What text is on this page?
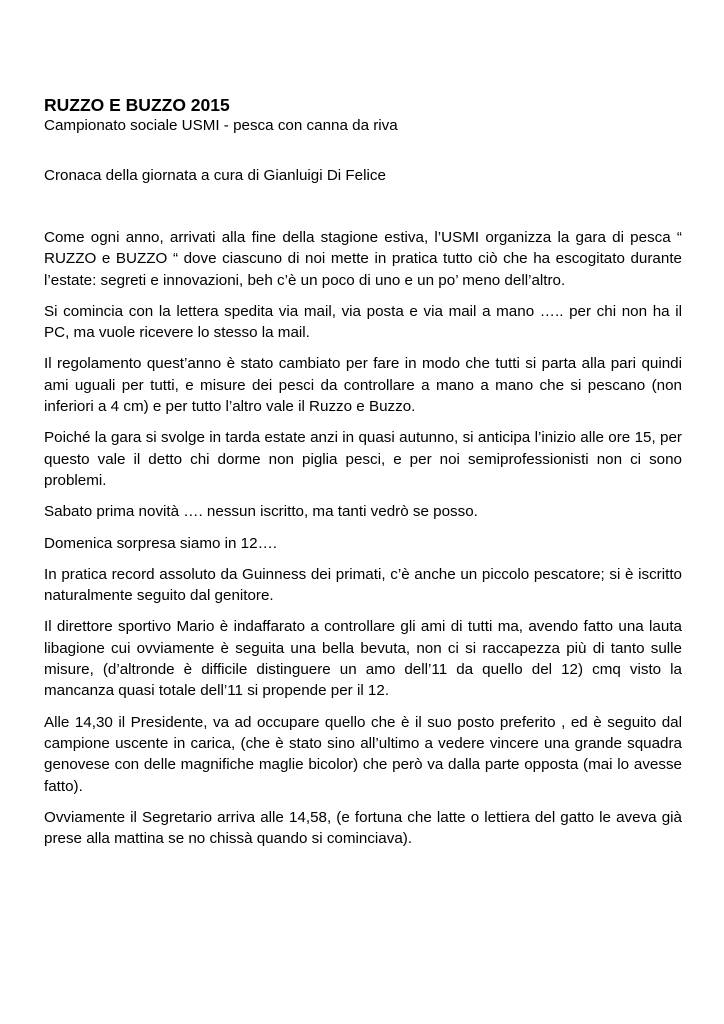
RUZZO E BUZZO 2015

Campionato sociale USMI - pesca con canna da riva

Cronaca della giornata a cura di Gianluigi Di Felice

Come ogni anno, arrivati alla fine della stagione estiva, l’USMI organizza la gara di pesca “ RUZZO e BUZZO “ dove ciascuno di noi mette in pratica tutto ciò che ha escogitato durante l’estate: segreti e innovazioni, beh c’è un poco di uno e un po’ meno dell’altro.

Si comincia con la lettera spedita via mail, via posta e via mail a mano ….. per chi non ha il PC, ma vuole ricevere lo stesso la mail.

Il regolamento quest’anno è stato cambiato per fare in modo che tutti si parta alla pari quindi ami uguali per tutti, e misure dei pesci da controllare a mano a mano che si pescano (non inferiori a 4 cm) e per tutto l’altro vale il Ruzzo e Buzzo.

Poiché la gara si svolge in tarda estate anzi in quasi autunno, si anticipa l’inizio alle ore 15, per questo vale il detto chi dorme non piglia pesci, e per noi semiprofessionisti non ci sono problemi.

Sabato prima novità …. nessun iscritto, ma tanti vedrò se posso.

Domenica sorpresa siamo in 12….

In pratica record assoluto da Guinness dei primati, c’è anche un piccolo pescatore; si è iscritto naturalmente seguito dal genitore.

Il direttore sportivo Mario è indaffarato a controllare gli ami di tutti ma, avendo fatto una lauta libagione cui ovviamente è seguita una bella bevuta, non ci si raccapezza più di tanto sulle misure, (d’altronde è difficile distinguere un amo dell’11 da quello del 12) cmq visto la mancanza quasi totale dell’11 si propende per il 12.

Alle 14,30 il Presidente, va ad occupare quello che è il suo posto preferito , ed è seguito dal campione uscente in carica, (che è stato sino all’ultimo a vedere vincere una grande squadra genovese con delle magnifiche maglie bicolor) che però va dalla parte opposta (mai lo avesse fatto).

Ovviamente il Segretario arriva alle 14,58, (e fortuna che latte o lettiera del gatto le aveva già prese alla mattina se no chissà quando si cominciava).
